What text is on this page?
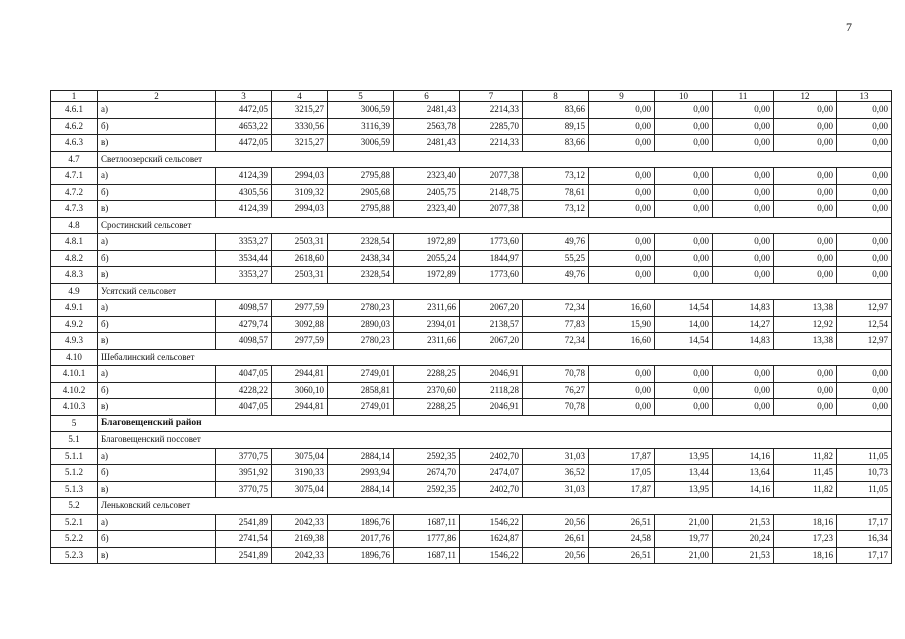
7
1	2	3	4	5	6	7	8	9	10	11	12	13
4.6.1	а)	4472,05	3215,27	3006,59	2481,43	2214,33	83,66	0,00	0,00	0,00	0,00	0,00
4.6.2	б)	4653,22	3330,56	3116,39	2563,78	2285,70	89,15	0,00	0,00	0,00	0,00	0,00
4.6.3	в)	4472,05	3215,27	3006,59	2481,43	2214,33	83,66	0,00	0,00	0,00	0,00	0,00
4.7	Светлоозерский сельсовет											
4.7.1	а)	4124,39	2994,03	2795,88	2323,40	2077,38	73,12	0,00	0,00	0,00	0,00	0,00
4.7.2	б)	4305,56	3109,32	2905,68	2405,75	2148,75	78,61	0,00	0,00	0,00	0,00	0,00
4.7.3	в)	4124,39	2994,03	2795,88	2323,40	2077,38	73,12	0,00	0,00	0,00	0,00	0,00
4.8	Сростинский сельсовет											
4.8.1	а)	3353,27	2503,31	2328,54	1972,89	1773,60	49,76	0,00	0,00	0,00	0,00	0,00
4.8.2	б)	3534,44	2618,60	2438,34	2055,24	1844,97	55,25	0,00	0,00	0,00	0,00	0,00
4.8.3	в)	3353,27	2503,31	2328,54	1972,89	1773,60	49,76	0,00	0,00	0,00	0,00	0,00
4.9	Усятский сельсовет											
4.9.1	а)	4098,57	2977,59	2780,23	2311,66	2067,20	72,34	16,60	14,54	14,83	13,38	12,97
4.9.2	б)	4279,74	3092,88	2890,03	2394,01	2138,57	77,83	15,90	14,00	14,27	12,92	12,54
4.9.3	в)	4098,57	2977,59	2780,23	2311,66	2067,20	72,34	16,60	14,54	14,83	13,38	12,97
4.10	Шебалинский сельсовет											
4.10.1	а)	4047,05	2944,81	2749,01	2288,25	2046,91	70,78	0,00	0,00	0,00	0,00	0,00
4.10.2	б)	4228,22	3060,10	2858,81	2370,60	2118,28	76,27	0,00	0,00	0,00	0,00	0,00
4.10.3	в)	4047,05	2944,81	2749,01	2288,25	2046,91	70,78	0,00	0,00	0,00	0,00	0,00
5	Благовещенский район											
5.1	Благовещенский поссовет											
5.1.1	а)	3770,75	3075,04	2884,14	2592,35	2402,70	31,03	17,87	13,95	14,16	11,82	11,05
5.1.2	б)	3951,92	3190,33	2993,94	2674,70	2474,07	36,52	17,05	13,44	13,64	11,45	10,73
5.1.3	в)	3770,75	3075,04	2884,14	2592,35	2402,70	31,03	17,87	13,95	14,16	11,82	11,05
5.2	Леньковский сельсовет											
5.2.1	а)	2541,89	2042,33	1896,76	1687,11	1546,22	20,56	26,51	21,00	21,53	18,16	17,17
5.2.2	б)	2741,54	2169,38	2017,76	1777,86	1624,87	26,61	24,58	19,77	20,24	17,23	16,34
5.2.3	в)	2541,89	2042,33	1896,76	1687,11	1546,22	20,56	26,51	21,00	21,53	18,16	17,17
